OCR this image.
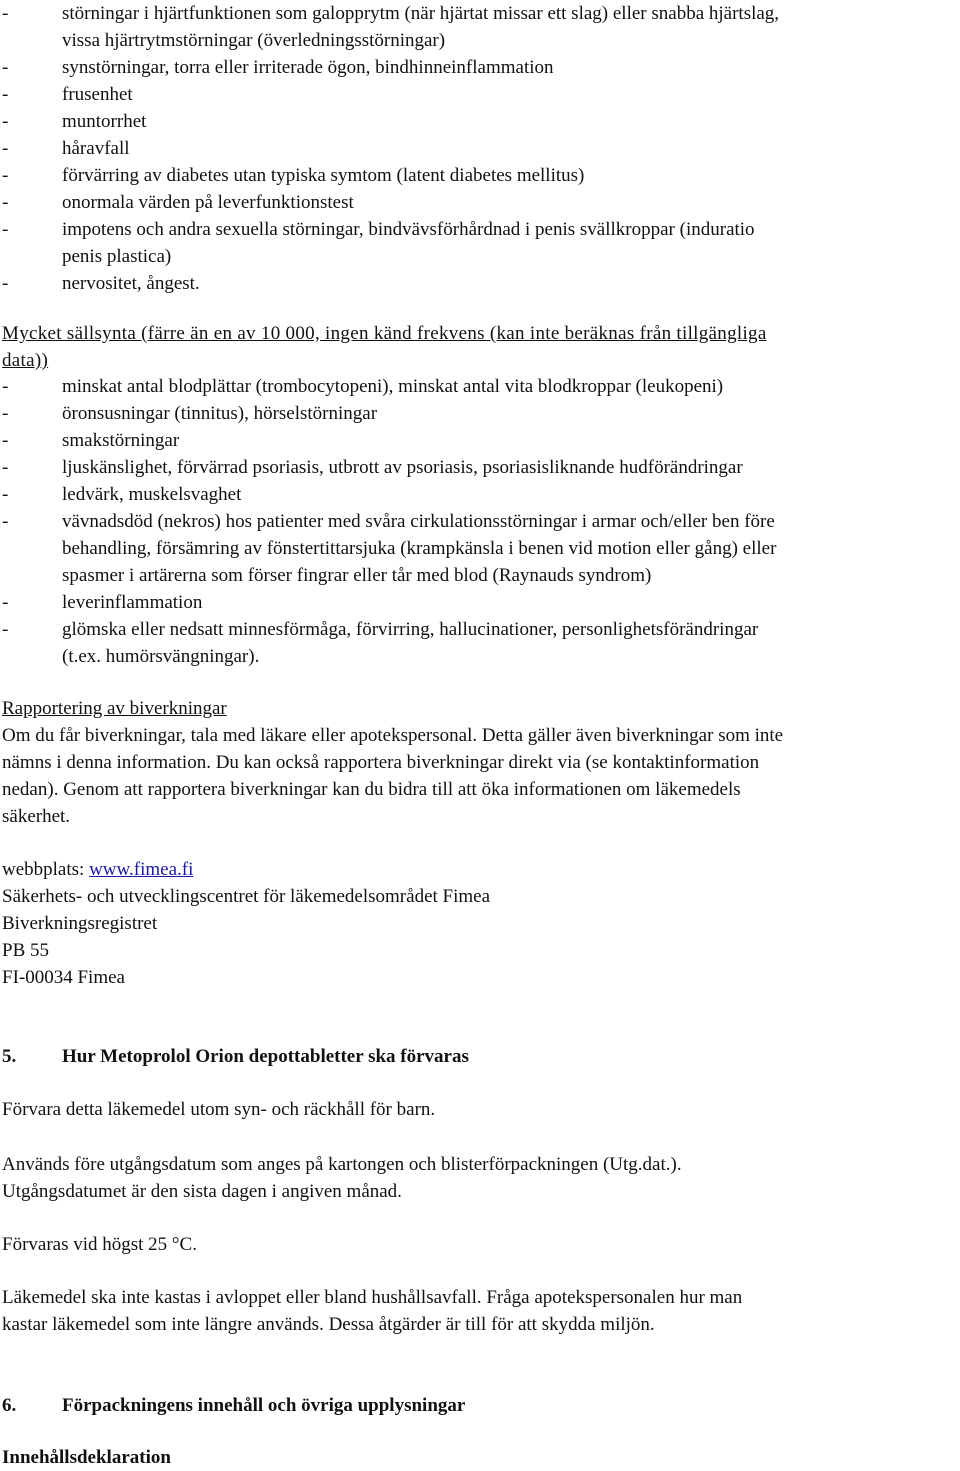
-	störningar i hjärtfunktionen som galopprytm (när hjärtat missar ett slag) eller snabba hjärtslag,
vissa hjärtrytmstörningar (överledningsstörningar)
-	synstörningar, torra eller irriterade ögon, bindhinneinflammation
-	frusenhet
-	muntorrhet
-	håravfall
-	förvärring av diabetes utan typiska symtom (latent diabetes mellitus)
-	onormala värden på leverfunktionstest
-	impotens och andra sexuella störningar, bindvävsförhårdnad i penis svällkroppar (induratio
penis plastica)
-	nervositet, ångest.
Mycket sällsynta (färre än en av 10 000, ingen känd frekvens (kan inte beräknas från tillgängliga
data))
-	minskat antal blodplättar (trombocytopeni), minskat antal vita blodkroppar (leukopeni)
-	öronsusningar (tinnitus), hörselstörningar
-	smakstörningar
-	ljuskänslighet, förvärrad psoriasis, utbrott av psoriasis, psoriasisliknande hudförändringar
-	ledvärk, muskelsvaghet
-	vävnadsdöd (nekros) hos patienter med svåra cirkulationsstörningar i armar och/eller ben före
behandling, försämring av fönstertittarsjuka (krampkänsla i benen vid motion eller gång) eller
spasmer i artärerna som förser fingrar eller tår med blod (Raynauds syndrom)
-	leverinflammation
-	glömska eller nedsatt minnesförmåga, förvirring, hallucinationer, personlighetsförändringar
(t.ex. humörsvängningar).
Rapportering av biverkningar
Om du får biverkningar, tala med läkare eller apotekspersonal. Detta gäller även biverkningar som inte
nämns i denna information. Du kan också rapportera biverkningar direkt via (se kontaktinformation
nedan). Genom att rapportera biverkningar kan du bidra till att öka informationen om läkemedels
säkerhet.
webbplats: www.fimea.fi
Säkerhets- och utvecklingscentret för läkemedelsområdet Fimea
Biverkningsregistret
PB 55
FI-00034 Fimea
5. Hur Metoprolol Orion depottabletter ska förvaras
Förvara detta läkemedel utom syn- och räckhåll för barn.
Används före utgångsdatum som anges på kartongen och blisterförpackningen (Utg.dat.).
Utgångsdatumet är den sista dagen i angiven månad.
Förvaras vid högst 25 °C.
Läkemedel ska inte kastas i avloppet eller bland hushållsavfall. Fråga apotekspersonalen hur man
kastar läkemedel som inte längre används. Dessa åtgärder är till för att skydda miljön.
6. Förpackningens innehåll och övriga upplysningar
Innehållsdeklaration
